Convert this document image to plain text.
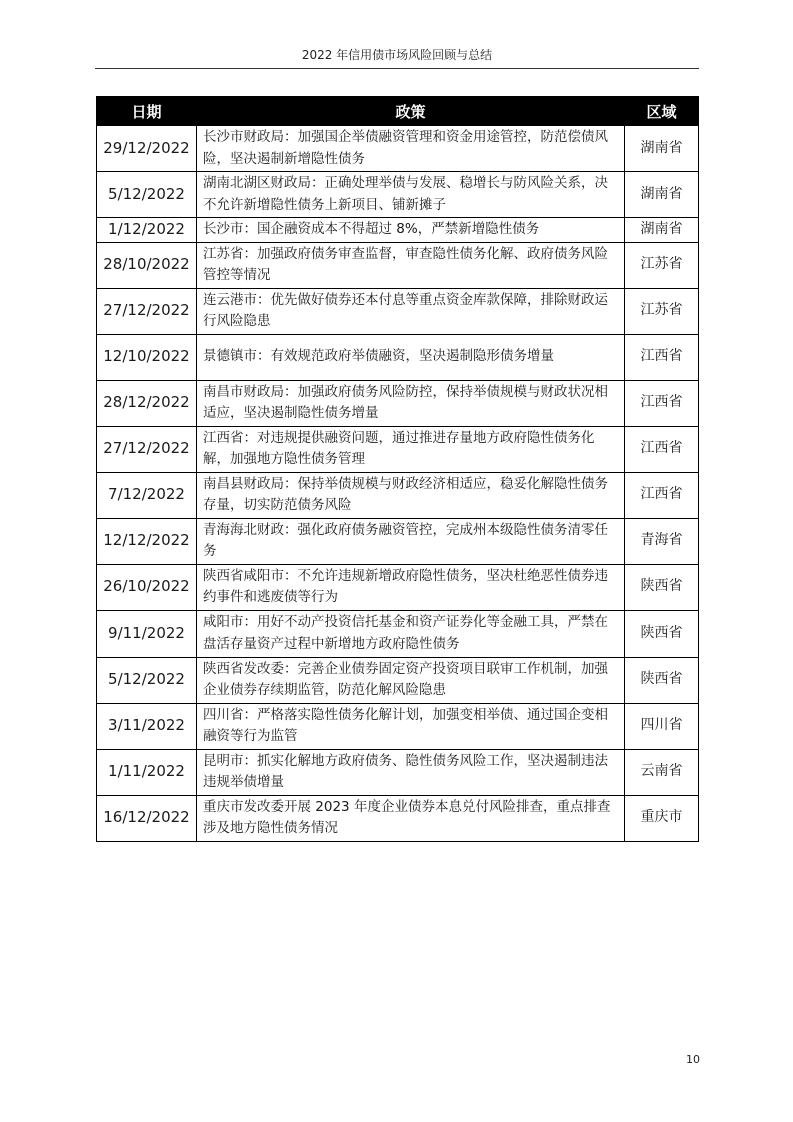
2022 年信用债市场风险回顾与总结
日期	政策	区域
29/12/2022	长沙市财政局：加强国企举债融资管理和资金用途管控，防范偿债风险，坚决遏制新增隐性债务	湖南省
5/12/2022	湖南北湖区财政局：正确处理举债与发展、稳增长与防风险关系，决不允许新增隐性债务上新项目、铺新摊子	湖南省
1/12/2022	长沙市：国企融资成本不得超过 8%，严禁新增隐性债务	湖南省
28/10/2022	江苏省：加强政府债务审查监督，审查隐性债务化解、政府债务风险管控等情况	江苏省
27/12/2022	连云港市：优先做好债券还本付息等重点资金库款保障，排除财政运行风险隐患	江苏省
12/10/2022	景德镇市：有效规范政府举债融资，坚决遏制隐形债务增量	江西省
28/12/2022	南昌市财政局：加强政府债务风险防控，保持举债规模与财政状况相适应，坚决遏制隐性债务增量	江西省
27/12/2022	江西省：对违规提供融资问题，通过推进存量地方政府隐性债务化解，加强地方隐性债务管理	江西省
7/12/2022	南昌县财政局：保持举债规模与财政经济相适应，稳妥化解隐性债务存量，切实防范债务风险	江西省
12/12/2022	青海海北财政：强化政府债务融资管控，完成州本级隐性债务清零任务	青海省
26/10/2022	陕西省咸阳市：不允许违规新增政府隐性债务，坚决杜绝恶性债券违约事件和逃废债等行为	陕西省
9/11/2022	咸阳市：用好不动产投资信托基金和资产证券化等金融工具，严禁在盘活存量资产过程中新增地方政府隐性债务	陕西省
5/12/2022	陕西省发改委：完善企业债券固定资产投资项目联审工作机制，加强企业债券存续期监管，防范化解风险隐患	陕西省
3/11/2022	四川省：严格落实隐性债务化解计划，加强变相举债、通过国企变相融资等行为监管	四川省
1/11/2022	昆明市：抓实化解地方政府债务、隐性债务风险工作，坚决遏制违法违规举债增量	云南省
16/12/2022	重庆市发改委开展 2023 年度企业债券本息兑付风险排查，重点排查涉及地方隐性债务情况	重庆市
10
